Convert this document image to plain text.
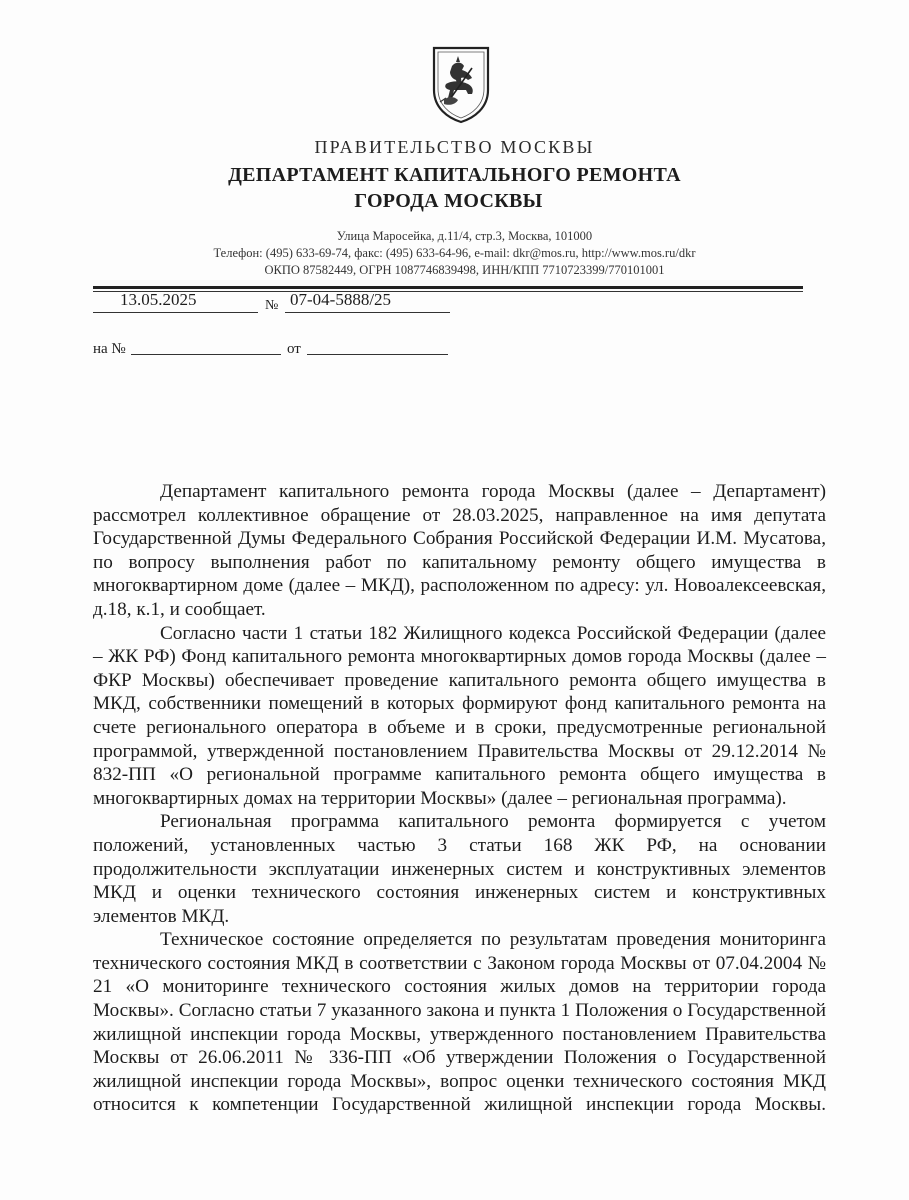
ПРАВИТЕЛЬСТВО МОСКВЫ
ДЕПАРТАМЕНТ КАПИТАЛЬНОГО РЕМОНТА
ГОРОДА МОСКВЫ
Улица Маросейка, д.11/4, стр.3, Москва, 101000
Телефон: (495) 633-69-74, факс: (495) 633-64-96, e-mail: dkr@mos.ru, http://www.mos.ru/dkr
ОКПО 87582449, ОГРН 1087746839498, ИНН/КПП 7710723399/770101001
13.05.2025	№ 07-04-5888/25
на №	от

Департамент капитального ремонта города Москвы (далее – Департамент) рассмотрел коллективное обращение от 28.03.2025, направленное на имя депутата Государственной Думы Федерального Собрания Российской Федерации И.М. Мусатова, по вопросу выполнения работ по капитальному ремонту общего имущества в многоквартирном доме (далее – МКД), расположенном по адресу: ул. Новоалексеевская, д.18, к.1, и сообщает.

Согласно части 1 статьи 182 Жилищного кодекса Российской Федерации (далее – ЖК РФ) Фонд капитального ремонта многоквартирных домов города Москвы (далее – ФКР Москвы) обеспечивает проведение капитального ремонта общего имущества в МКД, собственники помещений в которых формируют фонд капитального ремонта на счете регионального оператора в объеме и в сроки, предусмотренные региональной программой, утвержденной постановлением Правительства Москвы от 29.12.2014 № 832-ПП «О региональной программе капитального ремонта общего имущества в многоквартирных домах на территории Москвы» (далее – региональная программа).

Региональная программа капитального ремонта формируется с учетом положений, установленных частью 3 статьи 168 ЖК РФ, на основании продолжительности эксплуатации инженерных систем и конструктивных элементов МКД и оценки технического состояния инженерных систем и конструктивных элементов МКД.

Техническое состояние определяется по результатам проведения мониторинга технического состояния МКД в соответствии с Законом города Москвы от 07.04.2004 № 21 «О мониторинге технического состояния жилых домов на территории города Москвы». Согласно статьи 7 указанного закона и пункта 1 Положения о Государственной жилищной инспекции города Москвы, утвержденного постановлением Правительства Москвы от 26.06.2011 № 336-ПП «Об утверждении Положения о Государственной жилищной инспекции города Москвы», вопрос оценки технического состояния МКД относится к компетенции Государственной жилищной инспекции города Москвы.
